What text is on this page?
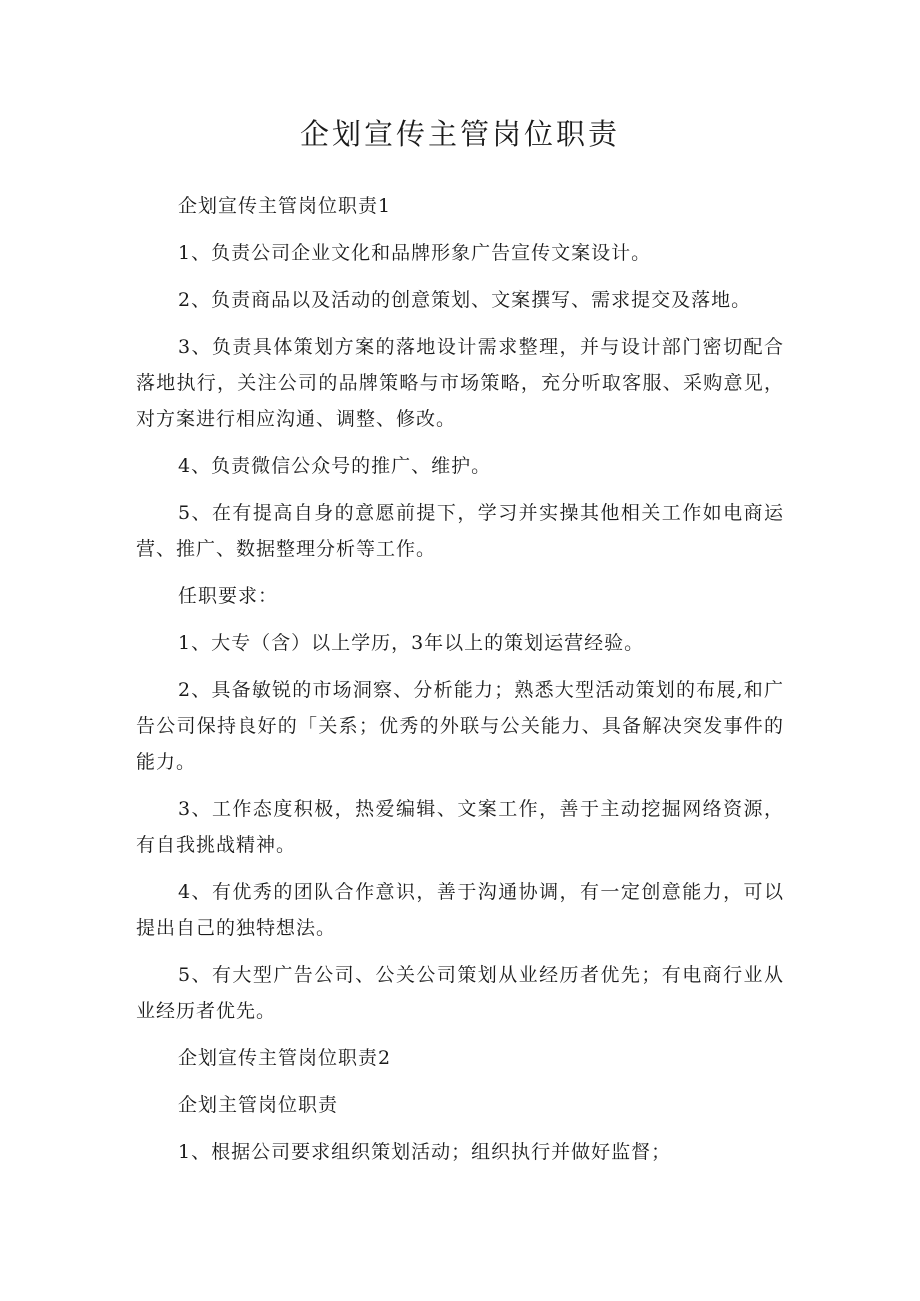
企划宣传主管岗位职责

企划宣传主管岗位职责1

1、负责公司企业文化和品牌形象广告宣传文案设计。

2、负责商品以及活动的创意策划、文案撰写、需求提交及落地。

3、负责具体策划方案的落地设计需求整理，并与设计部门密切配合落地执行，关注公司的品牌策略与市场策略，充分听取客服、采购意见，对方案进行相应沟通、调整、修改。

4、负责微信公众号的推广、维护。

5、在有提高自身的意愿前提下，学习并实操其他相关工作如电商运营、推广、数据整理分析等工作。

任职要求：

1、大专（含）以上学历，3年以上的策划运营经验。

2、具备敏锐的市场洞察、分析能力；熟悉大型活动策划的布展,和广告公司保持良好的「关系；优秀的外联与公关能力、具备解决突发事件的能力。

3、工作态度积极，热爱编辑、文案工作，善于主动挖掘网络资源，有自我挑战精神。

4、有优秀的团队合作意识，善于沟通协调，有一定创意能力，可以提出自己的独特想法。

5、有大型广告公司、公关公司策划从业经历者优先；有电商行业从业经历者优先。

企划宣传主管岗位职责2

企划主管岗位职责

1、根据公司要求组织策划活动；组织执行并做好监督；
